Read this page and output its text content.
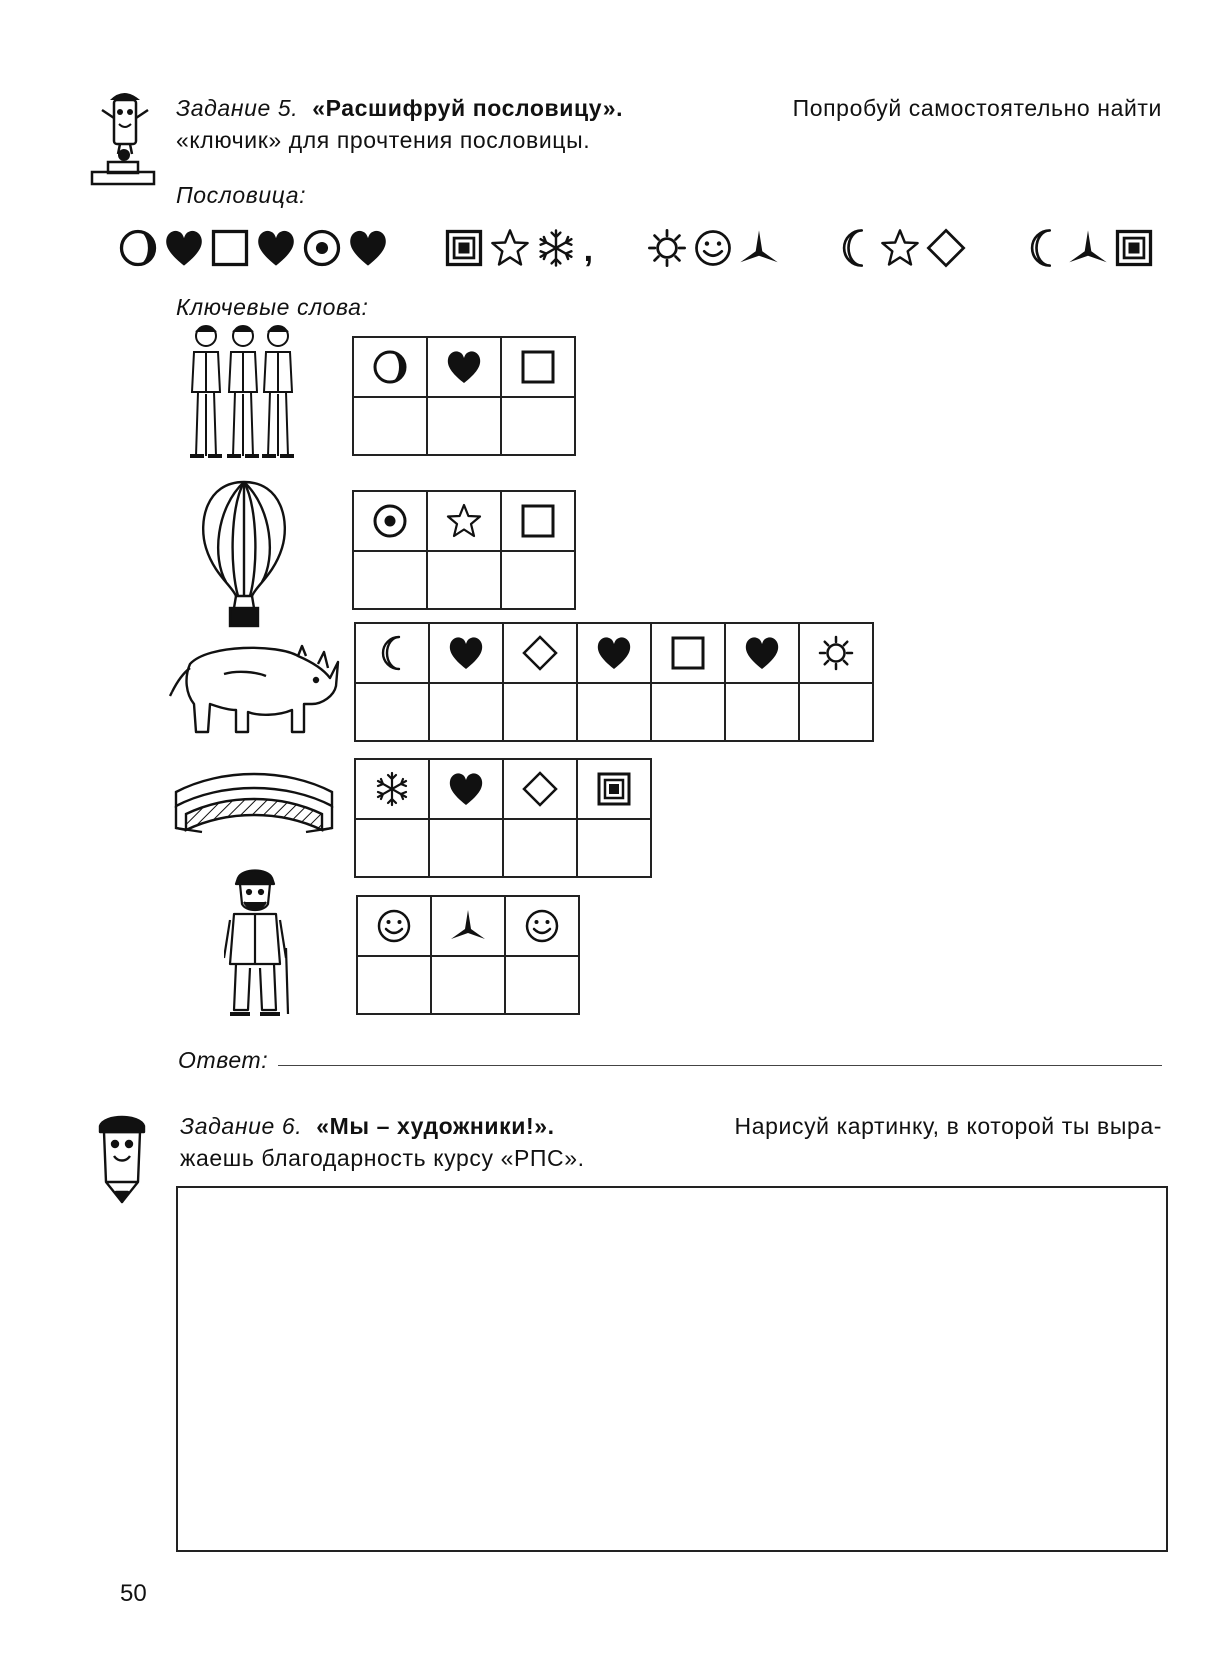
Задание 5. «Расшифруй пословицу».	Попробуй самостоятельно найти
«ключик» для прочтения пословицы.
Пословица:
,
Ключевые слова:

Ответ:
Задание 6. «Мы – художники!».	Нарисуй картинку, в которой ты выра-
жаешь благодарность курсу «РПС».
50
